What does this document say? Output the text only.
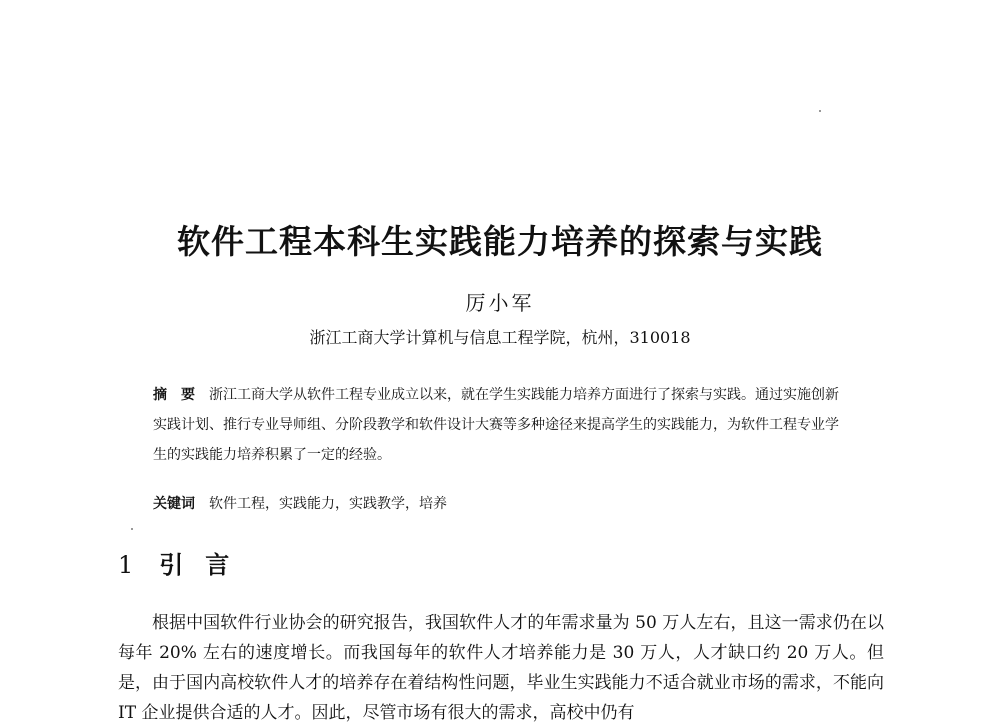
软件工程本科生实践能力培养的探索与实践
厉小军
浙江工商大学计算机与信息工程学院，杭州，310018
摘　要 浙江工商大学从软件工程专业成立以来，就在学生实践能力培养方面进行了探索与实践。通过实施创新实践计划、推行专业导师组、分阶段教学和软件设计大赛等多种途径来提高学生的实践能力，为软件工程专业学生的实践能力培养积累了一定的经验。
关键词 软件工程，实践能力，实践教学，培养
1 引言
根据中国软件行业协会的研究报告，我国软件人才的年需求量为 50 万人左右，且这一需求仍在以每年 20% 左右的速度增长。而我国每年的软件人才培养能力是 30 万人，人才缺口约 20 万人。但是，由于国内高校软件人才的培养存在着结构性问题，毕业生实践能力不适合就业市场的需求，不能向 IT 企业提供合适的人才。因此，尽管市场有很大的需求，高校中仍有
